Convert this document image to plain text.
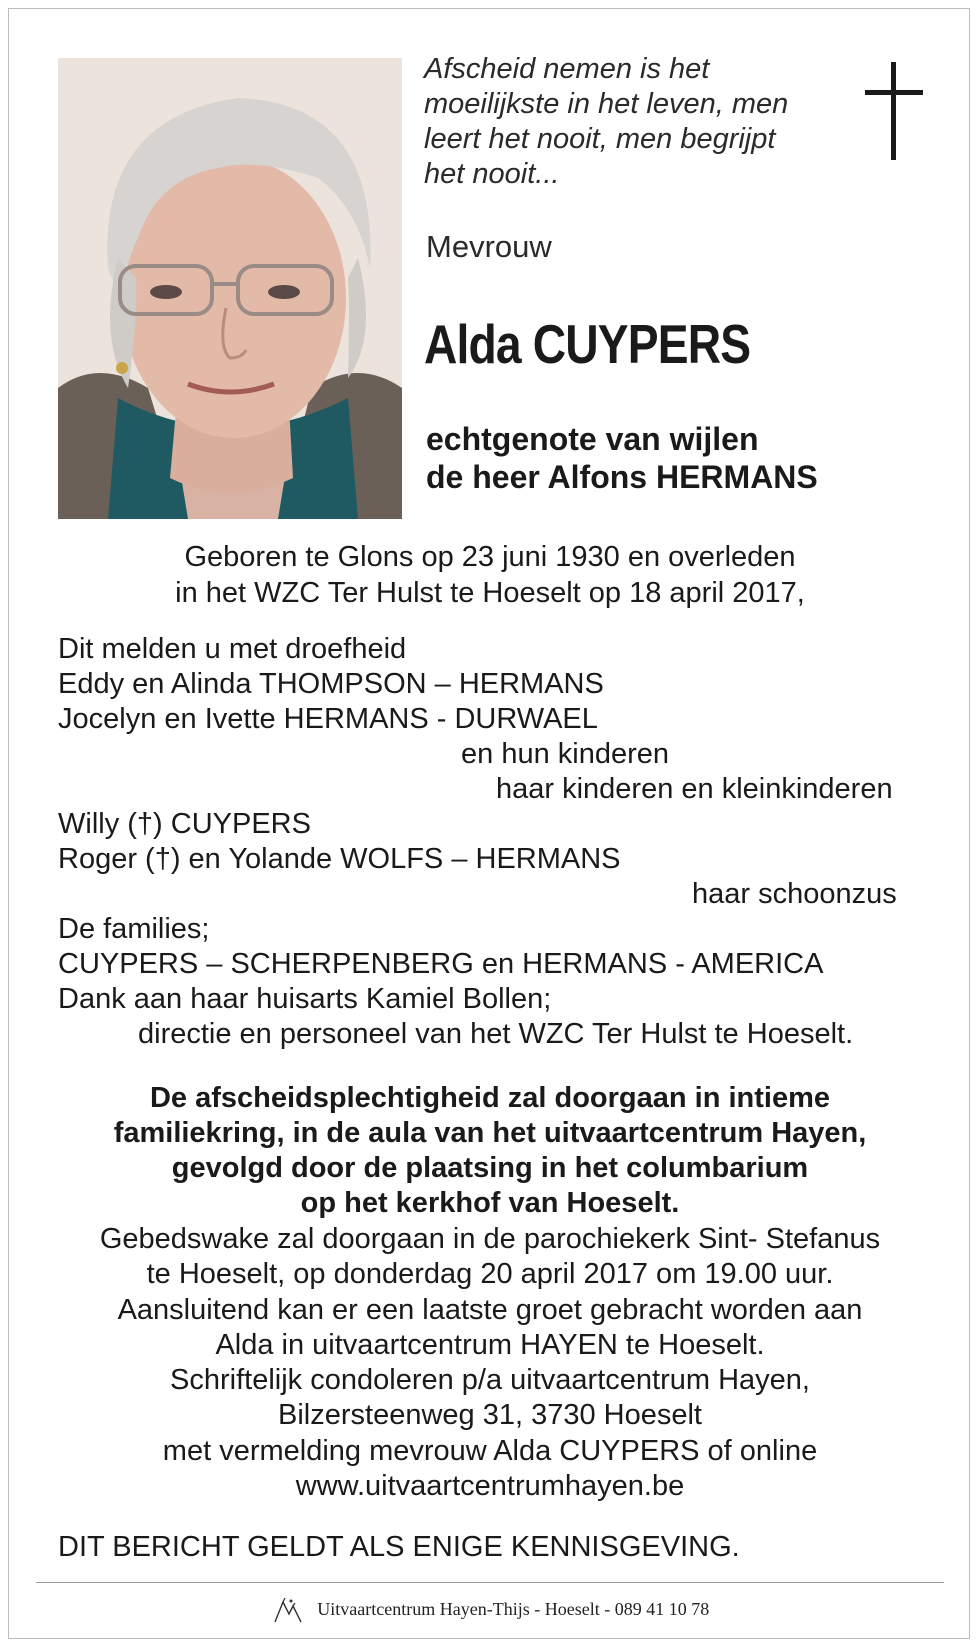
Afscheid nemen is het
moeilijkste in het leven, men
leert het nooit, men begrijpt
het nooit...
Mevrouw
Alda CUYPERS
echtgenote van wijlen
de heer Alfons HERMANS
Geboren te Glons op 23 juni 1930 en overleden
in het WZC Ter Hulst te Hoeselt op 18 april 2017,
Dit melden u met droefheid
Eddy en Alinda THOMPSON – HERMANS
Jocelyn en Ivette HERMANS - DURWAEL
en hun kinderen
haar kinderen en kleinkinderen
Willy (†) CUYPERS
Roger (†) en Yolande WOLFS – HERMANS
haar schoonzus
De families;
CUYPERS – SCHERPENBERG en HERMANS - AMERICA
Dank aan haar huisarts Kamiel Bollen;
directie en personeel van het WZC Ter Hulst te Hoeselt.
De afscheidsplechtigheid zal doorgaan in intieme
familiekring, in de aula van het uitvaartcentrum Hayen,
gevolgd door de plaatsing in het columbarium
op het kerkhof van Hoeselt.
Gebedswake zal doorgaan in de parochiekerk Sint- Stefanus
te Hoeselt, op donderdag 20 april 2017 om 19.00 uur.
Aansluitend kan er een laatste groet gebracht worden aan
Alda in uitvaartcentrum HAYEN te Hoeselt.
Schriftelijk condoleren p/a uitvaartcentrum Hayen,
Bilzersteenweg 31, 3730 Hoeselt
met vermelding mevrouw Alda CUYPERS of online
www.uitvaartcentrumhayen.be
DIT BERICHT GELDT ALS ENIGE KENNISGEVING.
Uitvaartcentrum Hayen-Thijs - Hoeselt - 089 41 10 78
